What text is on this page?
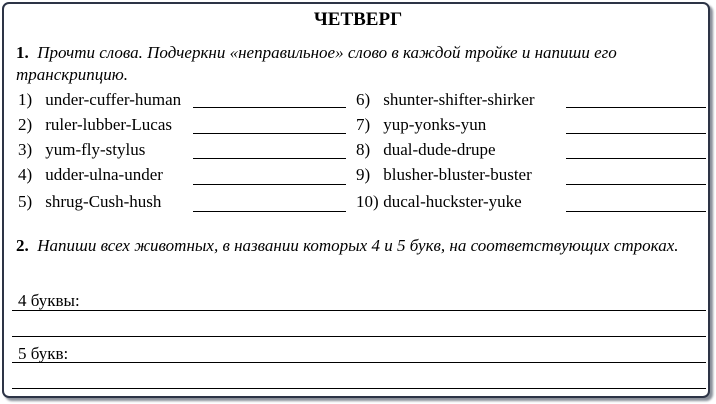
ЧЕТВЕРГ
1. Прочти слова. Подчеркни «неправильное» слово в каждой тройке и напиши его транскрипцию.
1) under-cuffer-human
2) ruler-lubber-Lucas
3) yum-fly-stylus
4) udder-ulna-under
5) shrug-Cush-hush
6) shunter-shifter-shirker
7) yup-yonks-yun
8) dual-dude-drupe
9) blusher-bluster-buster
10) ducal-huckster-yuke
2. Напиши всех животных, в названии которых 4 и 5 букв, на соответствующих строках.
4 буквы:
5 букв:
